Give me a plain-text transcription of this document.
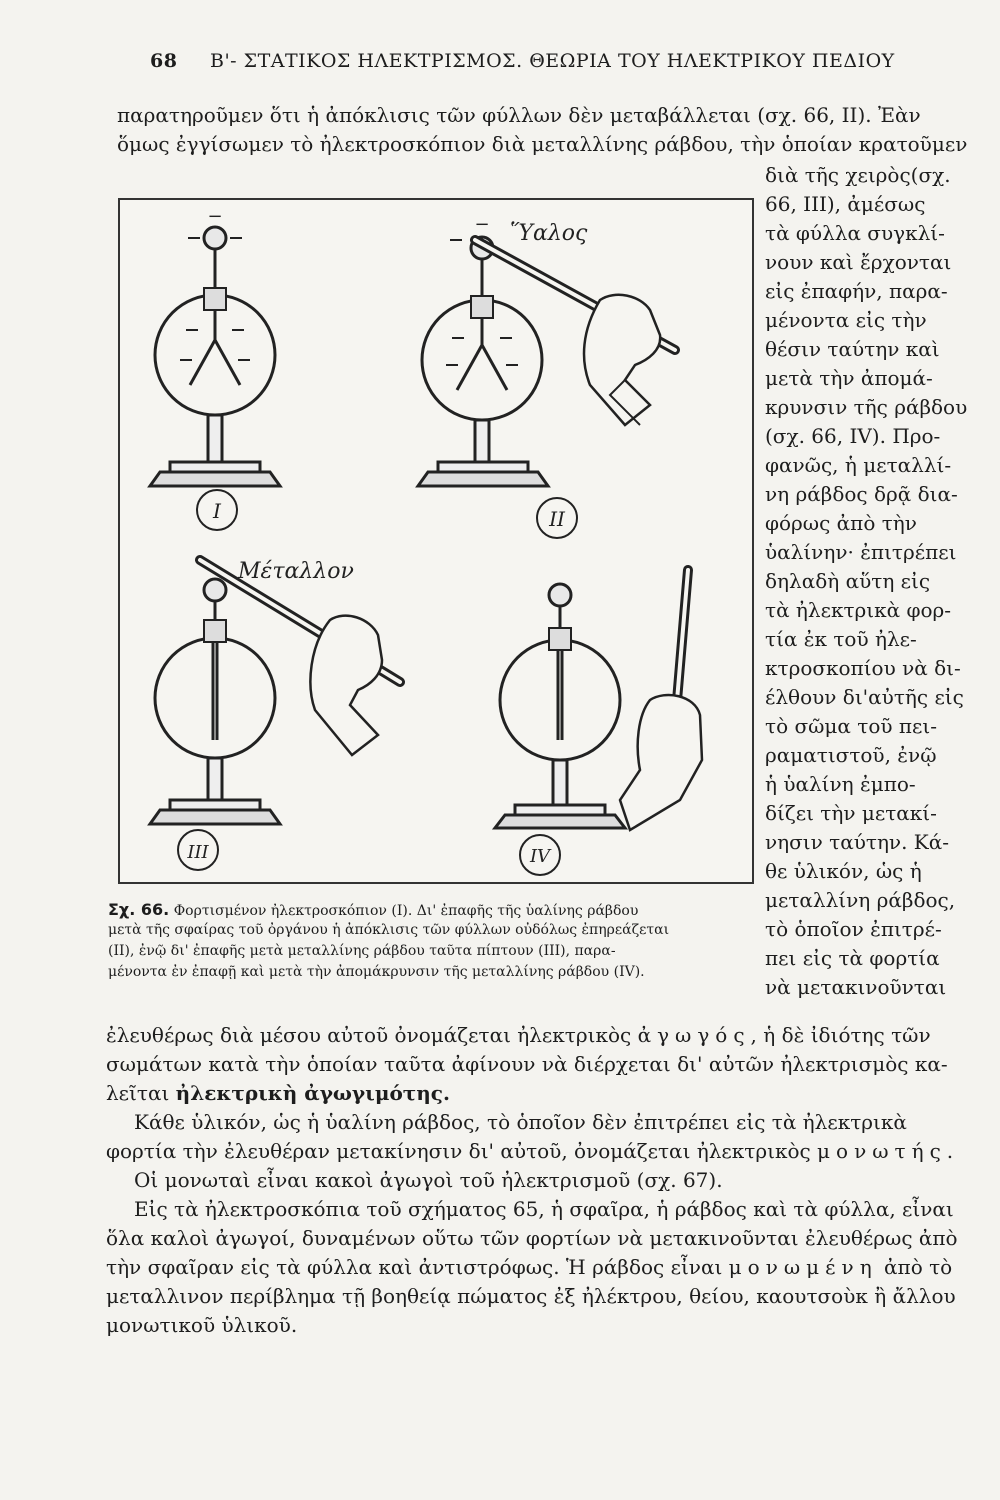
68 Β'- ΣΤΑΤΙΚΟΣ ΗΛΕΚΤΡΙΣΜΟΣ. ΘΕΩΡΙΑ ΤΟΥ ΗΛΕΚΤΡΙΚΟΥ ΠΕΔΙΟΥ
παρατηροῦμεν ὅτι ἡ ἀπόκλισις τῶν φύλλων δὲν μεταβάλλεται (σχ. 66, II). Ἐὰν
ὅμως ἐγγίσωμεν τὸ ἠλεκτροσκόπιον διὰ μεταλλίνης ράβδου, τὴν ὁποίαν κρατοῦμεν
διὰ τῆς χειρὸς(σχ.
66, III), ἀμέσως
τὰ φύλλα συγκλί-
νουν καὶ ἔρχονται
εἰς ἐπαφήν, παρα-
μένοντα εἰς τὴν
θέσιν ταύτην καὶ
μετὰ τὴν ἀπομά-
κρυνσιν τῆς ράβδου
(σχ. 66, IV). Προ-
φανῶς, ἡ μεταλλί-
νη ράβδος δρᾷ δια-
φόρως ἀπὸ τὴν
ὑαλίνην· ἐπιτρέπει
δηλαδὴ αὕτη εἰς
τὰ ἠλεκτρικὰ φορ-
τία ἐκ τοῦ ἠλε-
κτροσκοπίου νὰ δι-
έλθουν δι'αὐτῆς εἰς
τὸ σῶμα τοῦ πει-
ραματιστοῦ, ἐνῷ
ἡ ὑαλίνη ἐμπο-
δίζει τὴν μετακί-
νησιν ταύτην. Κά-
θε ὑλικόν, ὡς ἡ
μεταλλίνη ράβδος,
τὸ ὁποῖον ἐπιτρέ-
πει εἰς τὰ φορτία
νὰ μετακινοῦνται
I
Ὕαλος
II
Μέταλλον
III	IV
−	−
Σχ. 66. Φορτισμένον ἠλεκτροσκόπιον (I). Δι' ἐπαφῆς τῆς ὑαλίνης ράβδου
μετὰ τῆς σφαίρας τοῦ ὀργάνου ἡ ἀπόκλισις τῶν φύλλων οὐδόλως ἐπηρεάζεται
(II), ἐνῷ δι' ἐπαφῆς μετὰ μεταλλίνης ράβδου ταῦτα πίπτουν (III), παρα-
μένοντα ἐν ἐπαφῇ καὶ μετὰ τὴν ἀπομάκρυνσιν τῆς μεταλλίνης ράβδου (IV).
ἐλευθέρως διὰ μέσου αὐτοῦ ὀνομάζεται ἠλεκτρικὸς ἀγωγός, ἡ δὲ ἰδιότης τῶν
σωμάτων κατὰ τὴν ὁποίαν ταῦτα ἀφίνουν νὰ διέρχεται δι' αὐτῶν ἠλεκτρισμὸς κα-
λεῖται ἠλεκτρικὴ ἀγωγιμότης.
Κάθε ὑλικόν, ὡς ἡ ὑαλίνη ράβδος, τὸ ὁποῖον δὲν ἐπιτρέπει εἰς τὰ ἠλεκτρικὰ
φορτία τὴν ἐλευθέραν μετακίνησιν δι' αὐτοῦ, ὀνομάζεται ἠλεκτρικὸς μονωτής.
Οἱ μονωταὶ εἶναι κακοὶ ἀγωγοὶ τοῦ ἠλεκτρισμοῦ (σχ. 67).
Εἰς τὰ ἠλεκτροσκόπια τοῦ σχήματος 65, ἡ σφαῖρα, ἡ ράβδος καὶ τὰ φύλλα, εἶναι
ὅλα καλοὶ ἀγωγοί, δυναμένων οὕτω τῶν φορτίων νὰ μετακινοῦνται ἐλευθέρως ἀπὸ
τὴν σφαῖραν εἰς τὰ φύλλα καὶ ἀντιστρόφως. Ἡ ράβδος εἶναι μονωμένη ἀπὸ τὸ
μεταλλινον περίβλημα τῇ βοηθείᾳ πώματος ἐξ ἠλέκτρου, θείου, καουτσοὺκ ἢ ἄλλου
μονωτικοῦ ὑλικοῦ.
